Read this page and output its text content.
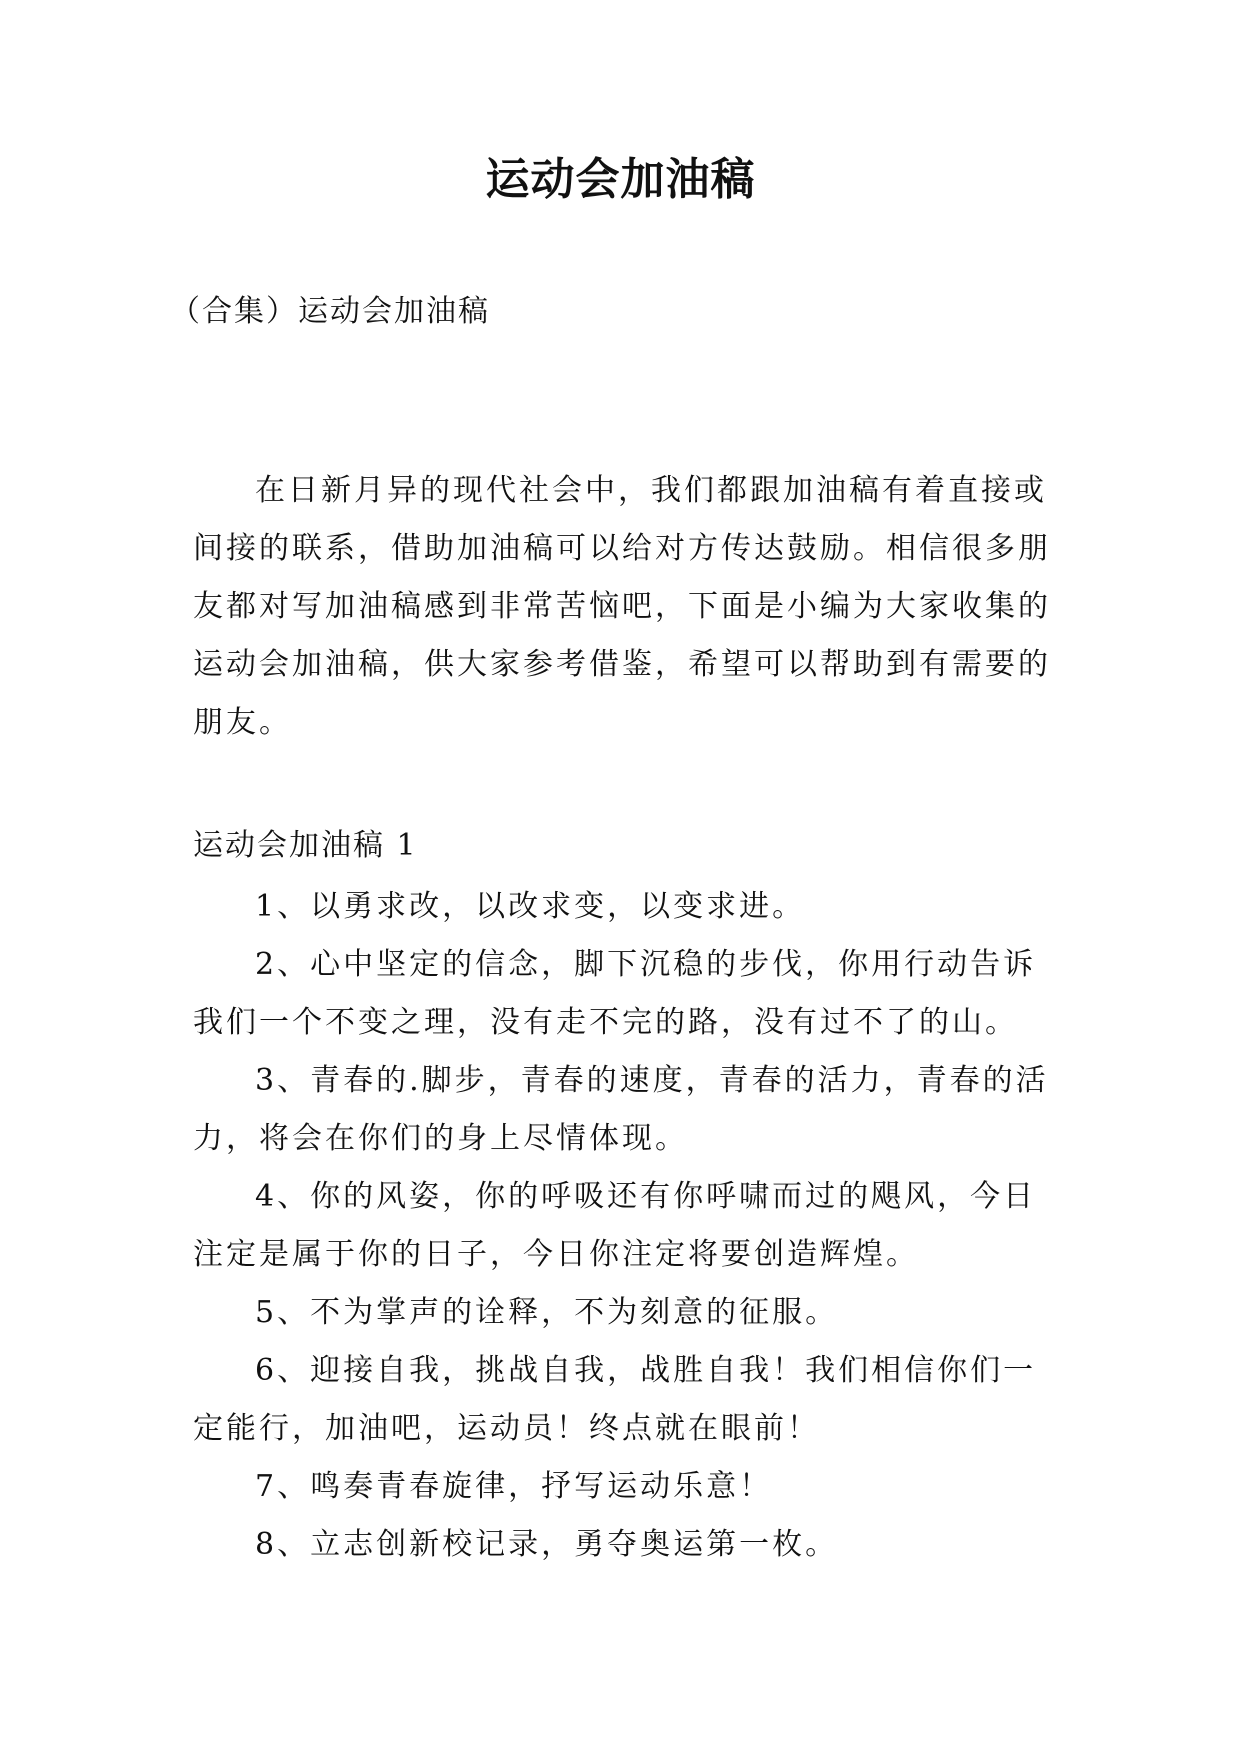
运动会加油稿

（合集）运动会加油稿

在日新月异的现代社会中，我们都跟加油稿有着直接或间接的联系，借助加油稿可以给对方传达鼓励。相信很多朋友都对写加油稿感到非常苦恼吧，下面是小编为大家收集的运动会加油稿，供大家参考借鉴，希望可以帮助到有需要的朋友。

运动会加油稿 1

1、以勇求改，以改求变，以变求进。
2、心中坚定的信念，脚下沉稳的步伐，你用行动告诉我们一个不变之理，没有走不完的路，没有过不了的山。
3、青春的.脚步，青春的速度，青春的活力，青春的活力，将会在你们的身上尽情体现。
4、你的风姿，你的呼吸还有你呼啸而过的飓风，今日注定是属于你的日子，今日你注定将要创造辉煌。
5、不为掌声的诠释，不为刻意的征服。
6、迎接自我，挑战自我，战胜自我！我们相信你们一定能行，加油吧，运动员！终点就在眼前！
7、鸣奏青春旋律，抒写运动乐意！
8、立志创新校记录，勇夺奥运第一枚。
